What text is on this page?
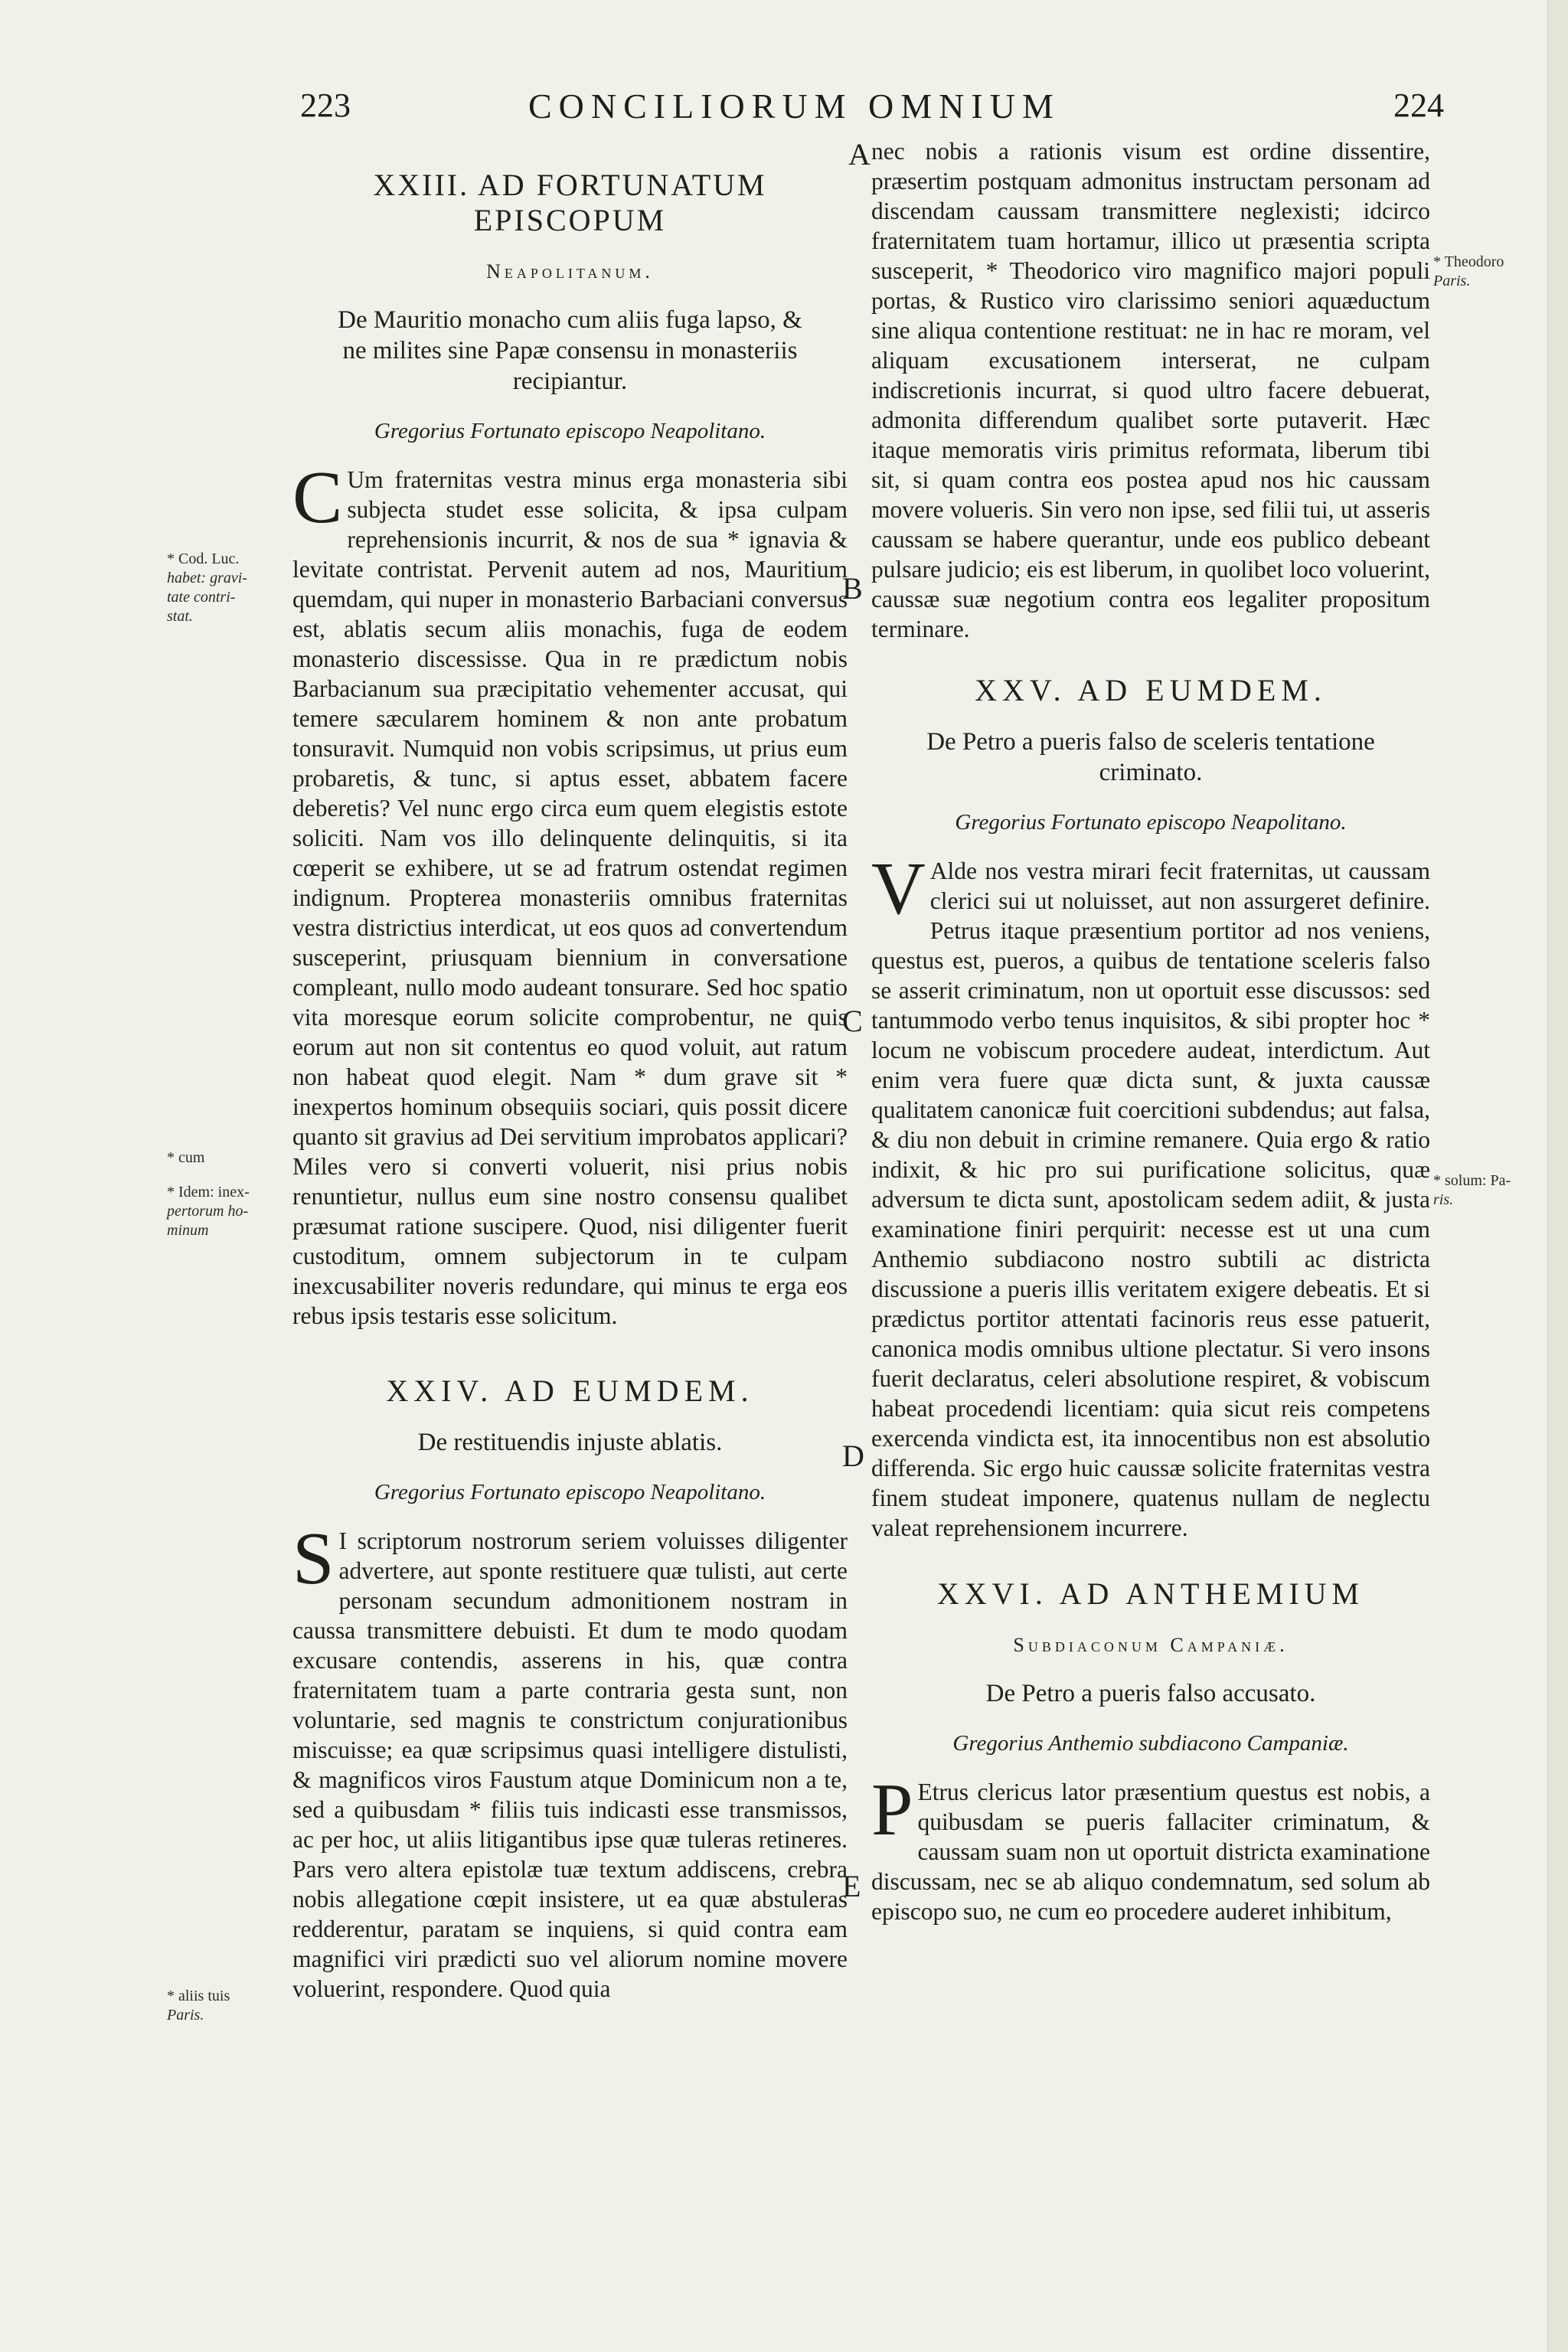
223	CONCILIORUM OMNIUM	224
A
B
C
D
E
* Cod. Luc.
habet: gravi-
tate contri-
stat.
* cum
* Idem: inex-
pertorum ho-
minum
* aliis tuis
Paris.
* Theodoro
Paris.
* solum: Pa-
ris.
XXIII. AD FORTUNATUM EPISCOPUM
Neapolitanum.
De Mauritio monacho cum aliis fuga lapso, & ne milites sine Papæ consensu in monasteriis recipiantur.
Gregorius Fortunato episcopo Neapolitano.

C Um fraternitas vestra minus erga monasteria sibi subjecta studet esse solicita, & ipsa culpam reprehensionis incurrit, & nos de sua * ignavia & levitate contristat. Pervenit autem ad nos, Mauritium quemdam, qui nuper in monasterio Barbaciani conversus est, ablatis secum aliis monachis, fuga de eodem monasterio discessisse. Qua in re prædictum nobis Barbacianum sua præcipitatio vehementer accusat, qui temere sæcularem hominem & non ante probatum tonsuravit. Numquid non vobis scripsimus, ut prius eum probaretis, & tunc, si aptus esset, abbatem facere deberetis? Vel nunc ergo circa eum quem elegistis estote soliciti. Nam vos illo delinquente delinquitis, si ita cœperit se exhibere, ut se ad fratrum ostendat regimen indignum. Propterea monasteriis omnibus fraternitas vestra districtius interdicat, ut eos quos ad convertendum susceperint, priusquam biennium in conversatione compleant, nullo modo audeant tonsurare. Sed hoc spatio vita moresque eorum solicite comprobentur, ne quis eorum aut non sit contentus eo quod voluit, aut ratum non habeat quod elegit. Nam * dum grave sit * inexpertos hominum obsequiis sociari, quis possit dicere quanto sit gravius ad Dei servitium improbatos applicari? Miles vero si converti voluerit, nisi prius nobis renuntietur, nullus eum sine nostro consensu qualibet præsumat ratione suscipere. Quod, nisi diligenter fuerit custoditum, omnem subjectorum in te culpam inexcusabiliter noveris redundare, qui minus te erga eos rebus ipsis testaris esse solicitum.

XXIV. AD EUMDEM.
De restituendis injuste ablatis.
Gregorius Fortunato episcopo Neapolitano.

S I scriptorum nostrorum seriem voluisses diligenter advertere, aut sponte restituere quæ tulisti, aut certe personam secundum admonitionem nostram in caussa transmittere debuisti. Et dum te modo quodam excusare contendis, asserens in his, quæ contra fraternitatem tuam a parte contraria gesta sunt, non voluntarie, sed magnis te constrictum conjurationibus miscuisse; ea quæ scripsimus quasi intelligere distulisti, & magnificos viros Faustum atque Dominicum non a te, sed a quibusdam * filiis tuis indicasti esse transmissos, ac per hoc, ut aliis litigantibus ipse quæ tuleras retineres. Pars vero altera epistolæ tuæ textum addiscens, crebra nobis allegatione cœpit insistere, ut ea quæ abstuleras redderentur, paratam se inquiens, si quid contra eam magnifici viri prædicti suo vel aliorum nomine movere voluerint, respondere. Quod quia

nec nobis a rationis visum est ordine dissentire, præsertim postquam admonitus instructam personam ad discendam caussam transmittere neglexisti; idcirco fraternitatem tuam hortamur, illico ut præsentia scripta susceperit, * Theodorico viro magnifico majori populi portas, & Rustico viro clarissimo seniori aquæductum sine aliqua contentione restituat: ne in hac re moram, vel aliquam excusationem interserat, ne culpam indiscretionis incurrat, si quod ultro facere debuerat, admonita differendum qualibet sorte putaverit. Hæc itaque memoratis viris primitus reformata, liberum tibi sit, si quam contra eos postea apud nos hic caussam movere volueris. Sin vero non ipse, sed filii tui, ut asseris caussam se habere querantur, unde eos publico debeant pulsare judicio; eis est liberum, in quolibet loco voluerint, caussæ suæ negotium contra eos legaliter propositum terminare.

XXV. AD EUMDEM.
De Petro a pueris falso de sceleris tentatione criminato.
Gregorius Fortunato episcopo Neapolitano.

V Alde nos vestra mirari fecit fraternitas, ut caussam clerici sui ut noluisset, aut non assurgeret definire. Petrus itaque præsentium portitor ad nos veniens, questus est, pueros, a quibus de tentatione sceleris falso se asserit criminatum, non ut oportuit esse discussos: sed tantummodo verbo tenus inquisitos, & sibi propter hoc * locum ne vobiscum procedere audeat, interdictum. Aut enim vera fuere quæ dicta sunt, & juxta caussæ qualitatem canonicæ fuit coercitioni subdendus; aut falsa, & diu non debuit in crimine remanere. Quia ergo & ratio indixit, & hic pro sui purificatione solicitus, quæ adversum te dicta sunt, apostolicam sedem adiit, & justa examinatione finiri perquirit: necesse est ut una cum Anthemio subdiacono nostro subtili ac districta discussione a pueris illis veritatem exigere debeatis. Et si prædictus portitor attentati facinoris reus esse patuerit, canonica modis omnibus ultione plectatur. Si vero insons fuerit declaratus, celeri absolutione respiret, & vobiscum habeat procedendi licentiam: quia sicut reis competens exercenda vindicta est, ita innocentibus non est absolutio differenda. Sic ergo huic caussæ solicite fraternitas vestra finem studeat imponere, quatenus nullam de neglectu valeat reprehensionem incurrere.

XXVI. AD ANTHEMIUM
Subdiaconum Campaniæ.
De Petro a pueris falso accusato.
Gregorius Anthemio subdiacono Campaniæ.

P Etrus clericus lator præsentium questus est nobis, a quibusdam se pueris fallaciter criminatum, & caussam suam non ut oportuit districta examinatione discussam, nec se ab aliquo condemnatum, sed solum ab episcopo suo, ne cum eo procedere auderet inhibitum,
